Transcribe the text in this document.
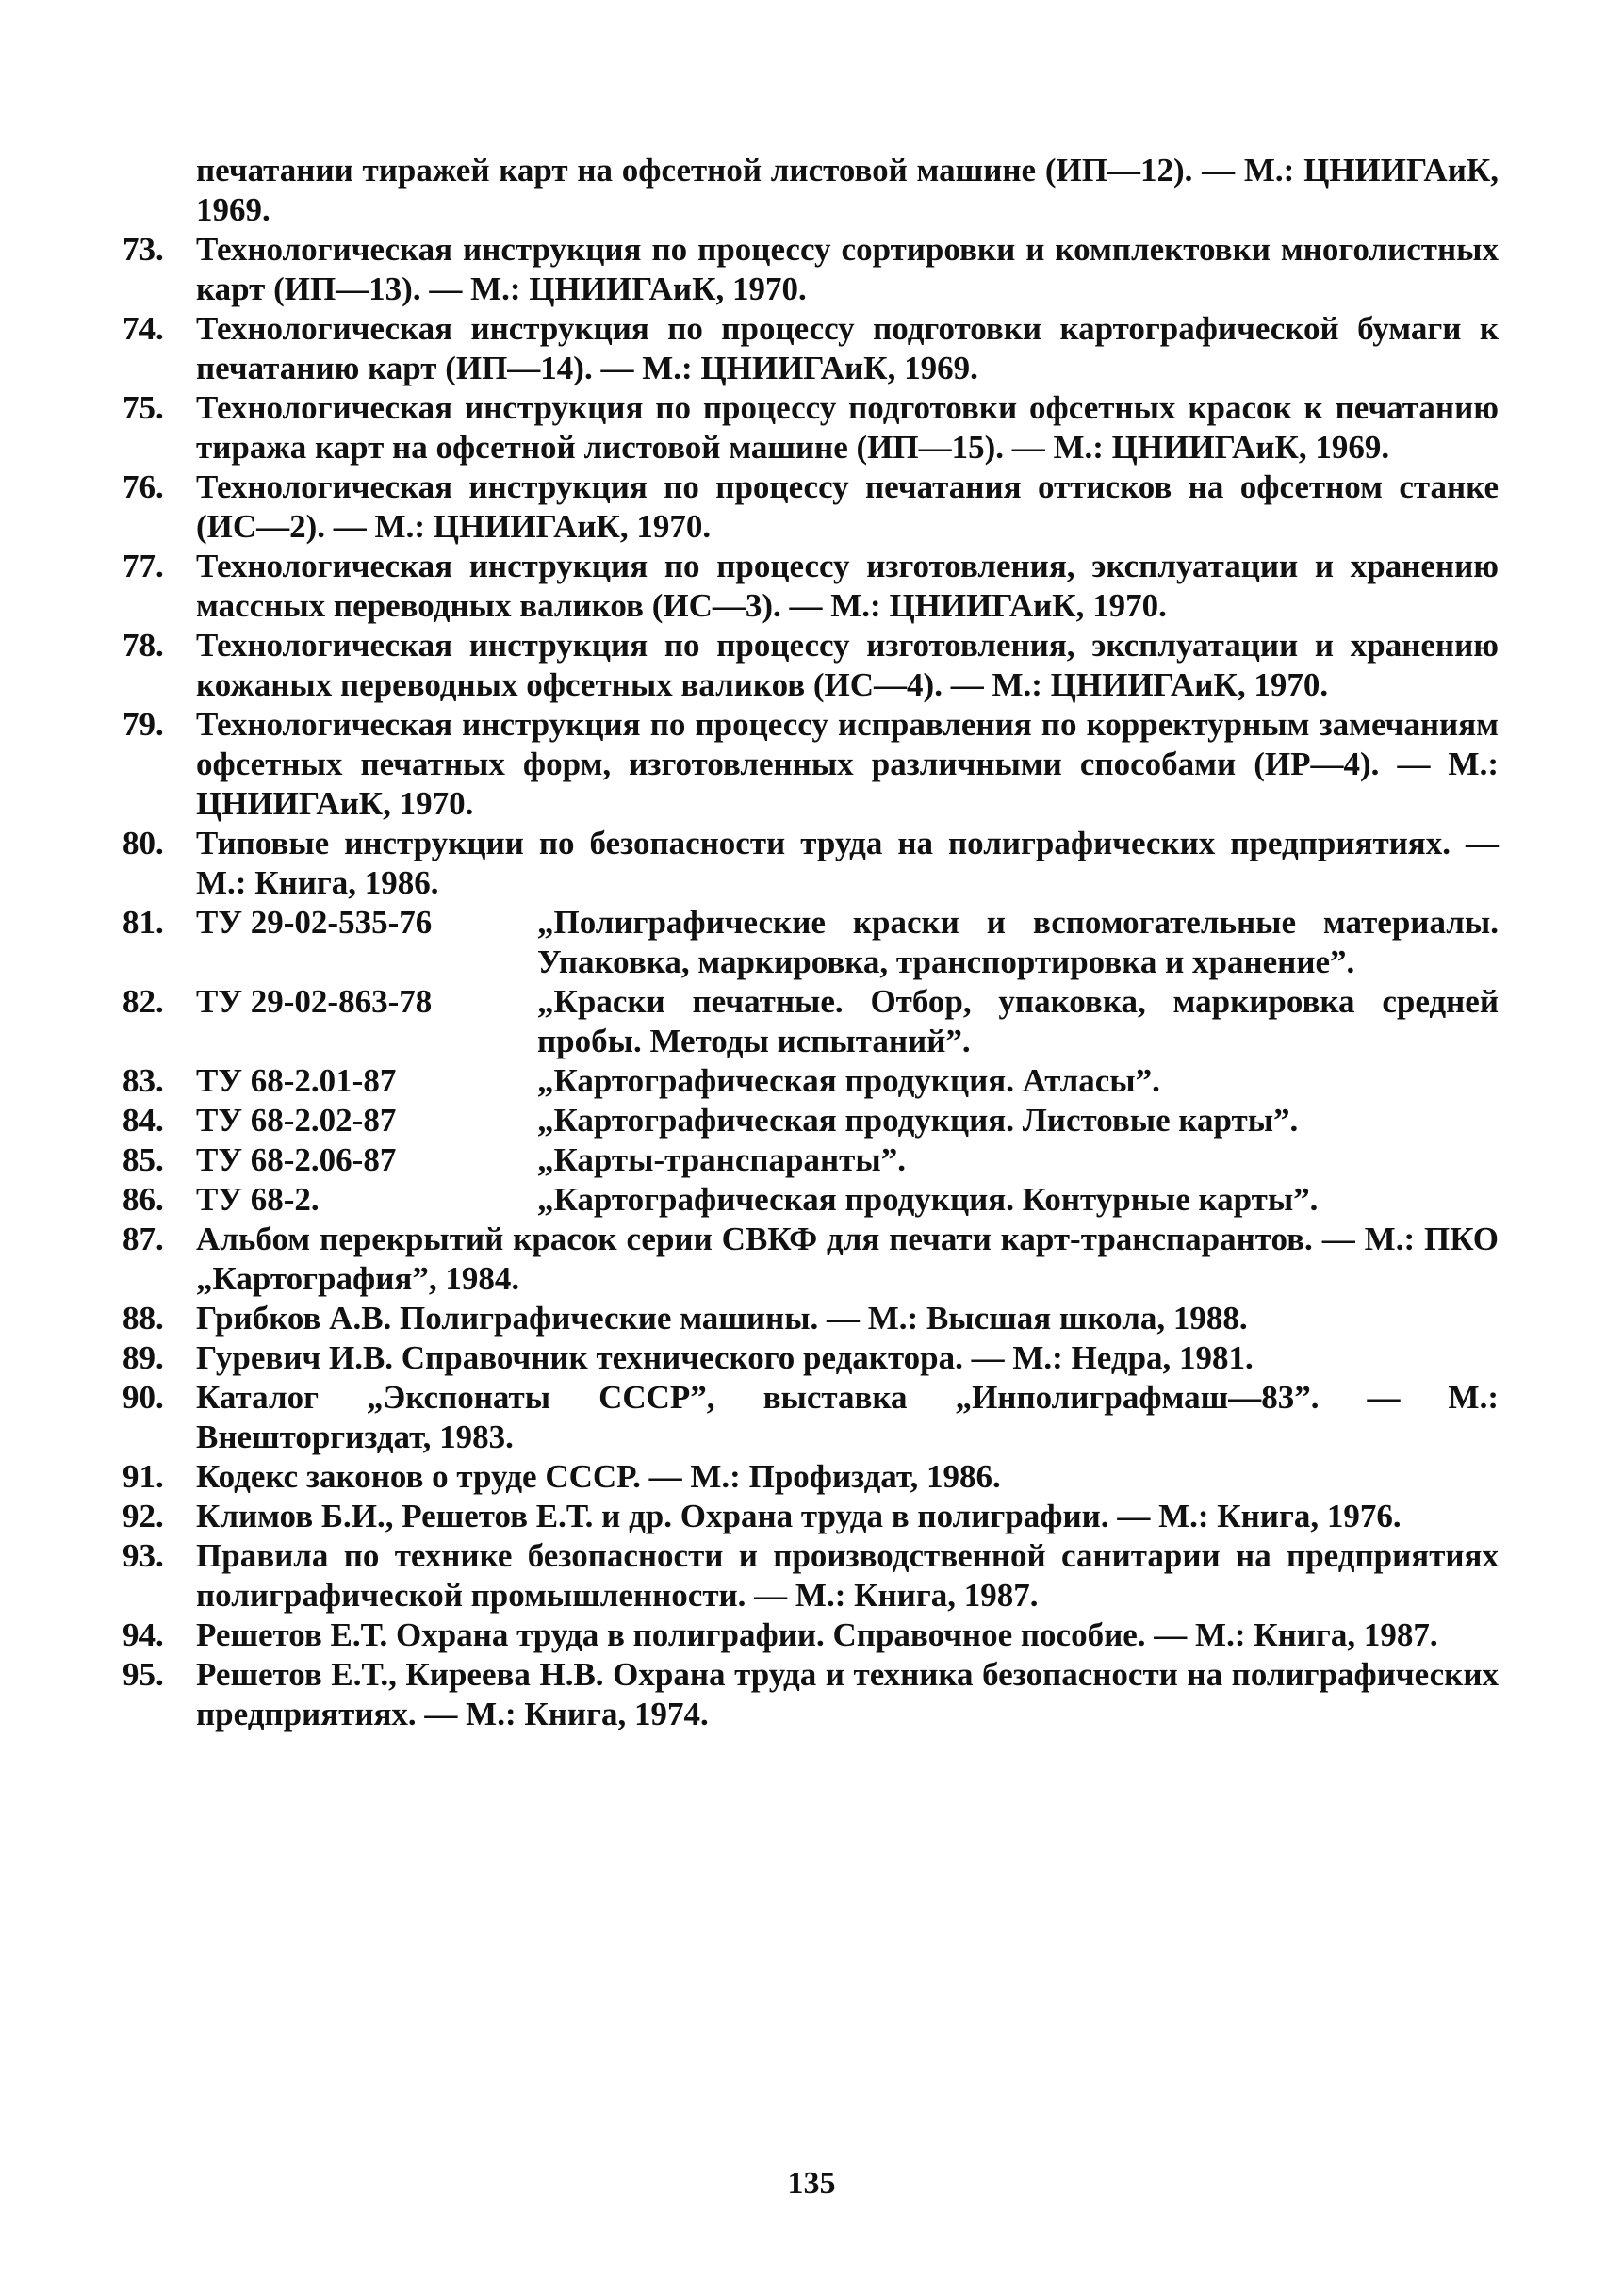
печатании тиражей карт на офсетной листовой машине (ИП—12). — М.: ЦНИИГАиК, 1969.
73. Технологическая инструкция по процессу сортировки и комплектовки многолистных карт (ИП—13). — М.: ЦНИИГАиК, 1970.
74. Технологическая инструкция по процессу подготовки картографической бумаги к печатанию карт (ИП—14). — М.: ЦНИИГАиК, 1969.
75. Технологическая инструкция по процессу подготовки офсетных красок к печатанию тиража карт на офсетной листовой машине (ИП—15). — М.: ЦНИИГАиК, 1969.
76. Технологическая инструкция по процессу печатания оттисков на офсетном станке (ИС—2). — М.: ЦНИИГАиК, 1970.
77. Технологическая инструкция по процессу изготовления, эксплуатации и хранению массных переводных валиков (ИС—3). — М.: ЦНИИГАиК, 1970.
78. Технологическая инструкция по процессу изготовления, эксплуатации и хранению кожаных переводных офсетных валиков (ИС—4). — М.: ЦНИИГАиК, 1970.
79. Технологическая инструкция по процессу исправления по корректурным замечаниям офсетных печатных форм, изготовленных различными способами (ИР—4). — М.: ЦНИИГАиК, 1970.
80. Типовые инструкции по безопасности труда на полиграфических предприятиях. — М.: Книга, 1986.
81. ТУ 29-02-535-76	„Полиграфические краски и вспомогательные материалы. Упаковка, маркировка, транспортировка и хранение”.
82. ТУ 29-02-863-78	„Краски печатные. Отбор, упаковка, маркировка средней пробы. Методы испытаний”.
83. ТУ 68-2.01-87	„Картографическая продукция. Атласы”.
84. ТУ 68-2.02-87	„Картографическая продукция. Листовые карты”.
85. ТУ 68-2.06-87	„Карты-транспаранты”.
86. ТУ 68-2.	„Картографическая продукция. Контурные карты”.
87. Альбом перекрытий красок серии СВКФ для печати карт-транспарантов. — М.: ПКО „Картография”, 1984.
88. Грибков А.В. Полиграфические машины. — М.: Высшая школа, 1988.
89. Гуревич И.В. Справочник технического редактора. — М.: Недра, 1981.
90. Каталог „Экспонаты СССР”, выставка „Инполиграфмаш—83”. — М.: Внешторгиздат, 1983.
91. Кодекс законов о труде СССР. — М.: Профиздат, 1986.
92. Климов Б.И., Решетов Е.Т. и др. Охрана труда в полиграфии. — М.: Книга, 1976.
93. Правила по технике безопасности и производственной санитарии на предприятиях полиграфической промышленности. — М.: Книга, 1987.
94. Решетов Е.Т. Охрана труда в полиграфии. Справочное пособие. — М.: Книга, 1987.
95. Решетов Е.Т., Киреева Н.В. Охрана труда и техника безопасности на полиграфических предприятиях. — М.: Книга, 1974.
135
